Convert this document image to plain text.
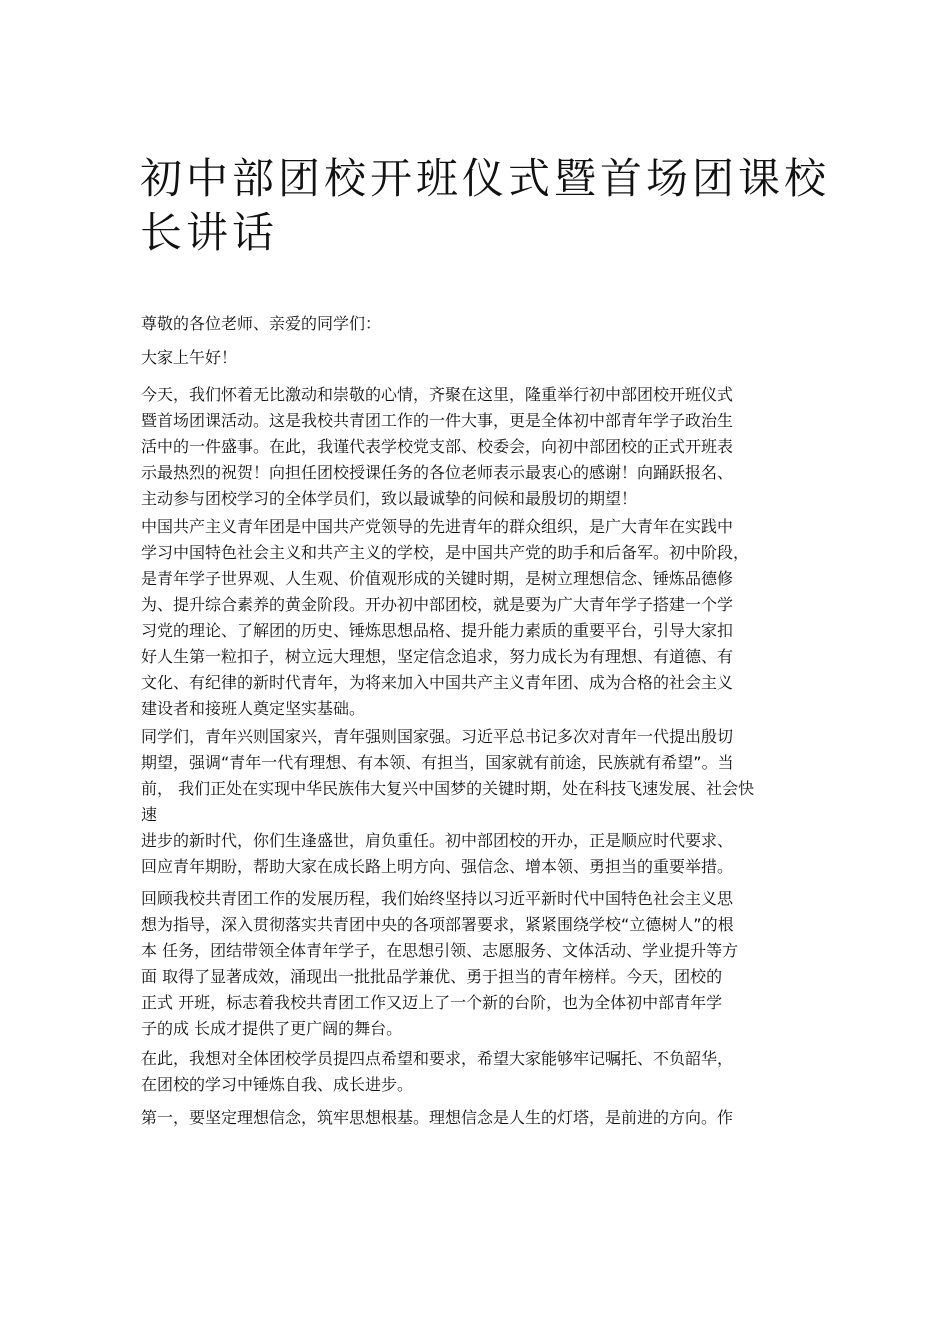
初中部团校开班仪式暨首场团课校
长讲话

尊敬的各位老师、亲爱的同学们：

大家上午好！

今天，我们怀着无比激动和崇敬的心情，齐聚在这里，隆重举行初中部团校开班仪式
暨首场团课活动。这是我校共青团工作的一件大事，更是全体初中部青年学子政治生
活中的一件盛事。在此，我谨代表学校党支部、校委会，向初中部团校的正式开班表
示最热烈的祝贺！向担任团校授课任务的各位老师表示最衷心的感谢！向踊跃报名、
主动参与团校学习的全体学员们，致以最诚挚的问候和最殷切的期望！

中国共产主义青年团是中国共产党领导的先进青年的群众组织，是广大青年在实践中
学习中国特色社会主义和共产主义的学校，是中国共产党的助手和后备军。初中阶段，
是青年学子世界观、人生观、价值观形成的关键时期，是树立理想信念、锤炼品德修
为、提升综合素养的黄金阶段。开办初中部团校，就是要为广大青年学子搭建一个学
习党的理论、了解团的历史、锤炼思想品格、提升能力素质的重要平台，引导大家扣
好人生第一粒扣子，树立远大理想，坚定信念追求，努力成长为有理想、有道德、有
文化、有纪律的新时代青年，为将来加入中国共产主义青年团、成为合格的社会主义
建设者和接班人奠定坚实基础。

同学们，青年兴则国家兴，青年强则国家强。习近平总书记多次对青年一代提出殷切
期望，强调“青年一代有理想、有本领、有担当，国家就有前途，民族就有希望”。当
前， 我们正处在实现中华民族伟大复兴中国梦的关键时期，处在科技飞速发展、社会快
速
进步的新时代，你们生逢盛世，肩负重任。初中部团校的开办，正是顺应时代要求、
回应青年期盼，帮助大家在成长路上明方向、强信念、增本领、勇担当的重要举措。

回顾我校共青团工作的发展历程，我们始终坚持以习近平新时代中国特色社会主义思
想为指导，深入贯彻落实共青团中央的各项部署要求，紧紧围绕学校“立德树人”的根
本 任务，团结带领全体青年学子，在思想引领、志愿服务、文体活动、学业提升等方
面 取得了显著成效，涌现出一批批品学兼优、勇于担当的青年榜样。今天，团校的
正式 开班，标志着我校共青团工作又迈上了一个新的台阶，也为全体初中部青年学
子的成 长成才提供了更广阔的舞台。

在此，我想对全体团校学员提四点希望和要求，希望大家能够牢记嘱托、不负韶华，
在团校的学习中锤炼自我、成长进步。

第一，要坚定理想信念，筑牢思想根基。理想信念是人生的灯塔，是前进的方向。作
